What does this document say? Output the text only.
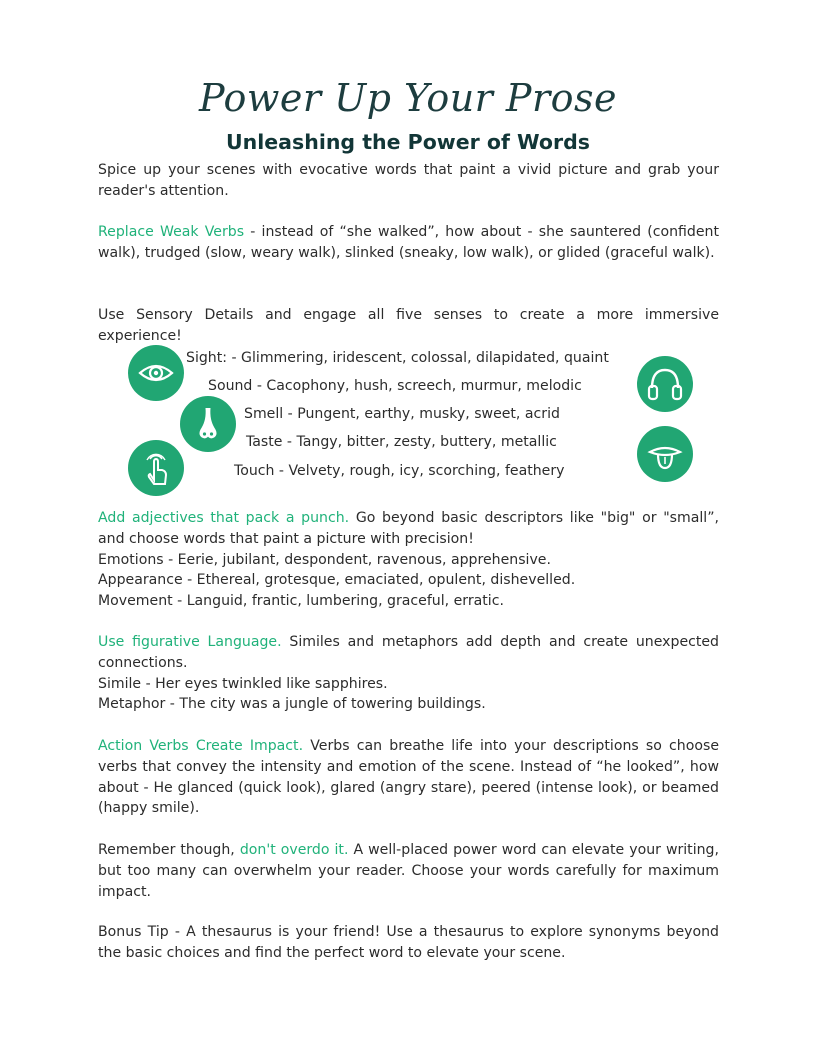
Power Up Your Prose
Unleashing the Power of Words

Spice up your scenes with evocative words that paint a vivid picture and grab your reader's attention.

Replace Weak Verbs - instead of “she walked”, how about - she sauntered (confident walk), trudged (slow, weary walk), slinked (sneaky, low walk), or glided (graceful walk).

Use Sensory Details and engage all five senses to create a more immersive experience!

Sight: - Glimmering, iridescent, colossal, dilapidated, quaint
Sound - Cacophony, hush, screech, murmur, melodic
Smell - Pungent, earthy, musky, sweet, acrid
Taste - Tangy, bitter, zesty, buttery, metallic
Touch - Velvety, rough, icy, scorching, feathery
Add adjectives that pack a punch. Go beyond basic descriptors like "big" or "small”, and choose words that paint a picture with precision!
Emotions - Eerie, jubilant, despondent, ravenous, apprehensive.
Appearance - Ethereal, grotesque, emaciated, opulent, dishevelled.
Movement - Languid, frantic, lumbering, graceful, erratic.
Use figurative Language. Similes and metaphors add depth and create unexpected connections.
Simile - Her eyes twinkled like sapphires.
Metaphor - The city was a jungle of towering buildings.

Action Verbs Create Impact. Verbs can breathe life into your descriptions so choose verbs that convey the intensity and emotion of the scene. Instead of “he looked”, how about - He glanced (quick look), glared (angry stare), peered (intense look), or beamed (happy smile).

Remember though, don't overdo it. A well-placed power word can elevate your writing, but too many can overwhelm your reader. Choose your words carefully for maximum impact.

Bonus Tip - A thesaurus is your friend! Use a thesaurus to explore synonyms beyond the basic choices and find the perfect word to elevate your scene.
